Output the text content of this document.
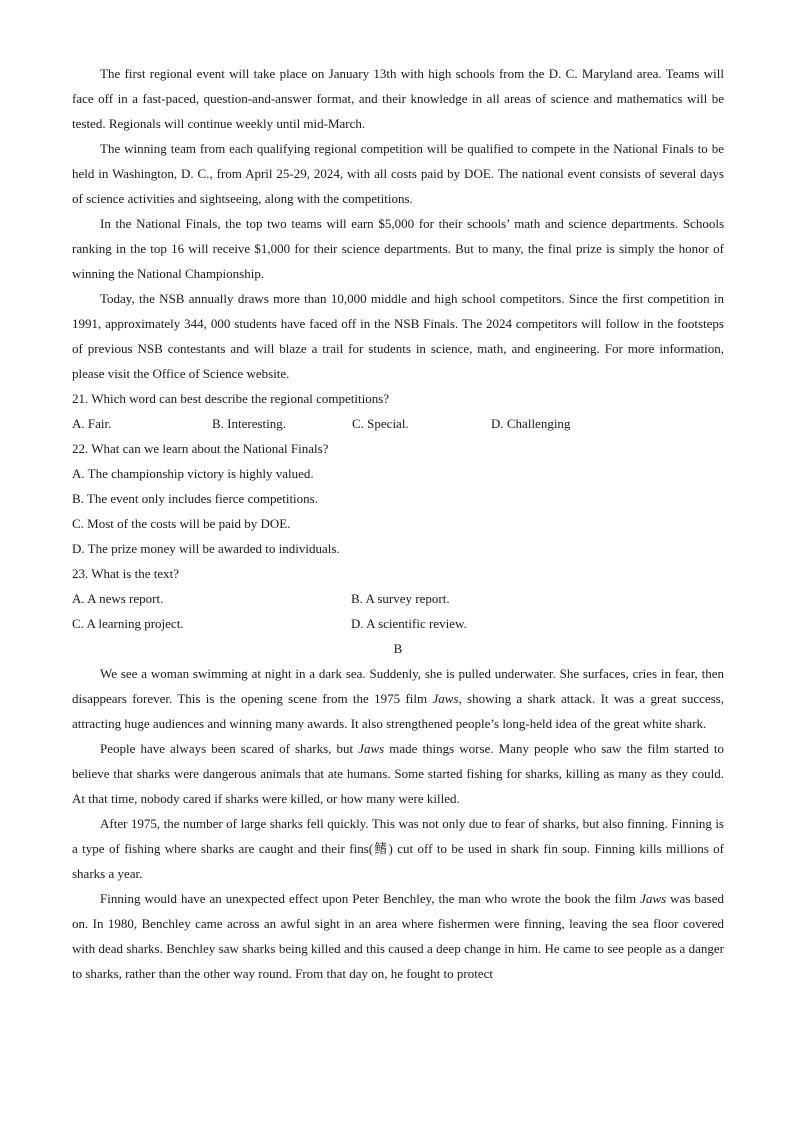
The first regional event will take place on January 13th with high schools from the D. C. Maryland area. Teams will face off in a fast-paced, question-and-answer format, and their knowledge in all areas of science and mathematics will be tested. Regionals will continue weekly until mid-March.

The winning team from each qualifying regional competition will be qualified to compete in the National Finals to be held in Washington, D. C., from April 25-29, 2024, with all costs paid by DOE. The national event consists of several days of science activities and sightseeing, along with the competitions.

In the National Finals, the top two teams will earn $5,000 for their schools’ math and science departments. Schools ranking in the top 16 will receive $1,000 for their science departments. But to many, the final prize is simply the honor of winning the National Championship.

Today, the NSB annually draws more than 10,000 middle and high school competitors. Since the first competition in 1991, approximately 344, 000 students have faced off in the NSB Finals. The 2024 competitors will follow in the footsteps of previous NSB contestants and will blaze a trail for students in science, math, and engineering. For more information, please visit the Office of Science website.

21. Which word can best describe the regional competitions?

A. Fair.	B. Interesting.	C. Special.	D. Challenging

22. What can we learn about the National Finals?

A. The championship victory is highly valued.

B. The event only includes fierce competitions.

C. Most of the costs will be paid by DOE.

D. The prize money will be awarded to individuals.

23. What is the text?

A. A news report.	B. A survey report.
C. A learning project.	D. A scientific review.

B

We see a woman swimming at night in a dark sea. Suddenly, she is pulled underwater. She surfaces, cries in fear, then disappears forever. This is the opening scene from the 1975 film Jaws, showing a shark attack. It was a great success, attracting huge audiences and winning many awards. It also strengthened people’s long-held idea of the great white shark.

People have always been scared of sharks, but Jaws made things worse. Many people who saw the film started to believe that sharks were dangerous animals that ate humans. Some started fishing for sharks, killing as many as they could. At that time, nobody cared if sharks were killed, or how many were killed.

After 1975, the number of large sharks fell quickly. This was not only due to fear of sharks, but also finning. Finning is a type of fishing where sharks are caught and their fins(鳍) cut off to be used in shark fin soup. Finning kills millions of sharks a year.

Finning would have an unexpected effect upon Peter Benchley, the man who wrote the book the film Jaws was based on. In 1980, Benchley came across an awful sight in an area where fishermen were finning, leaving the sea floor covered with dead sharks. Benchley saw sharks being killed and this caused a deep change in him. He came to see people as a danger to sharks, rather than the other way round. From that day on, he fought to protect
